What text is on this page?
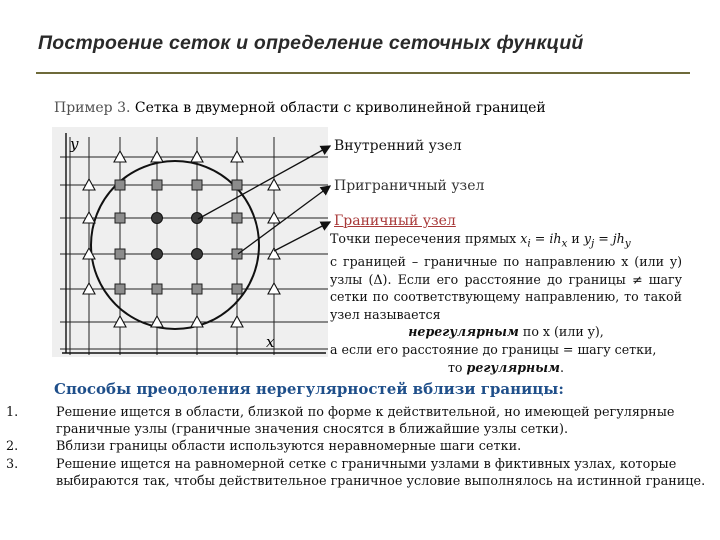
Построение сеток и определение сеточных функций
Пример 3. Сетка в двумерной области с криволинейной границей
y
x
Внутренний узел
Приграничный узел
Граничный узел

Точки пересечения прямых $x_i = ih_x$ и $y_j = jh_y$

с границей – граничные по направлению x (или y) узлы (Δ). Если его расстояние до границы ≠ шагу сетки по соответствующему направлению, то такой узел называется

нерегулярным по x (или y),

а если его расстояние до границы = шагу сетки,

то регулярным.

Способы преодоления нерегулярностей вблизи границы:
1.	Решение ищется в области, близкой по форме к действительной, но имеющей регулярные граничные узлы (граничные значения сносятся в ближайшие узлы сетки).
2.	Вблизи границы области используются неравномерные шаги сетки.
3.	Решение ищется на равномерной сетке с граничными узлами в фиктивных узлах, которые выбираются так, чтобы действительное граничное условие выполнялось на истинной границе.
